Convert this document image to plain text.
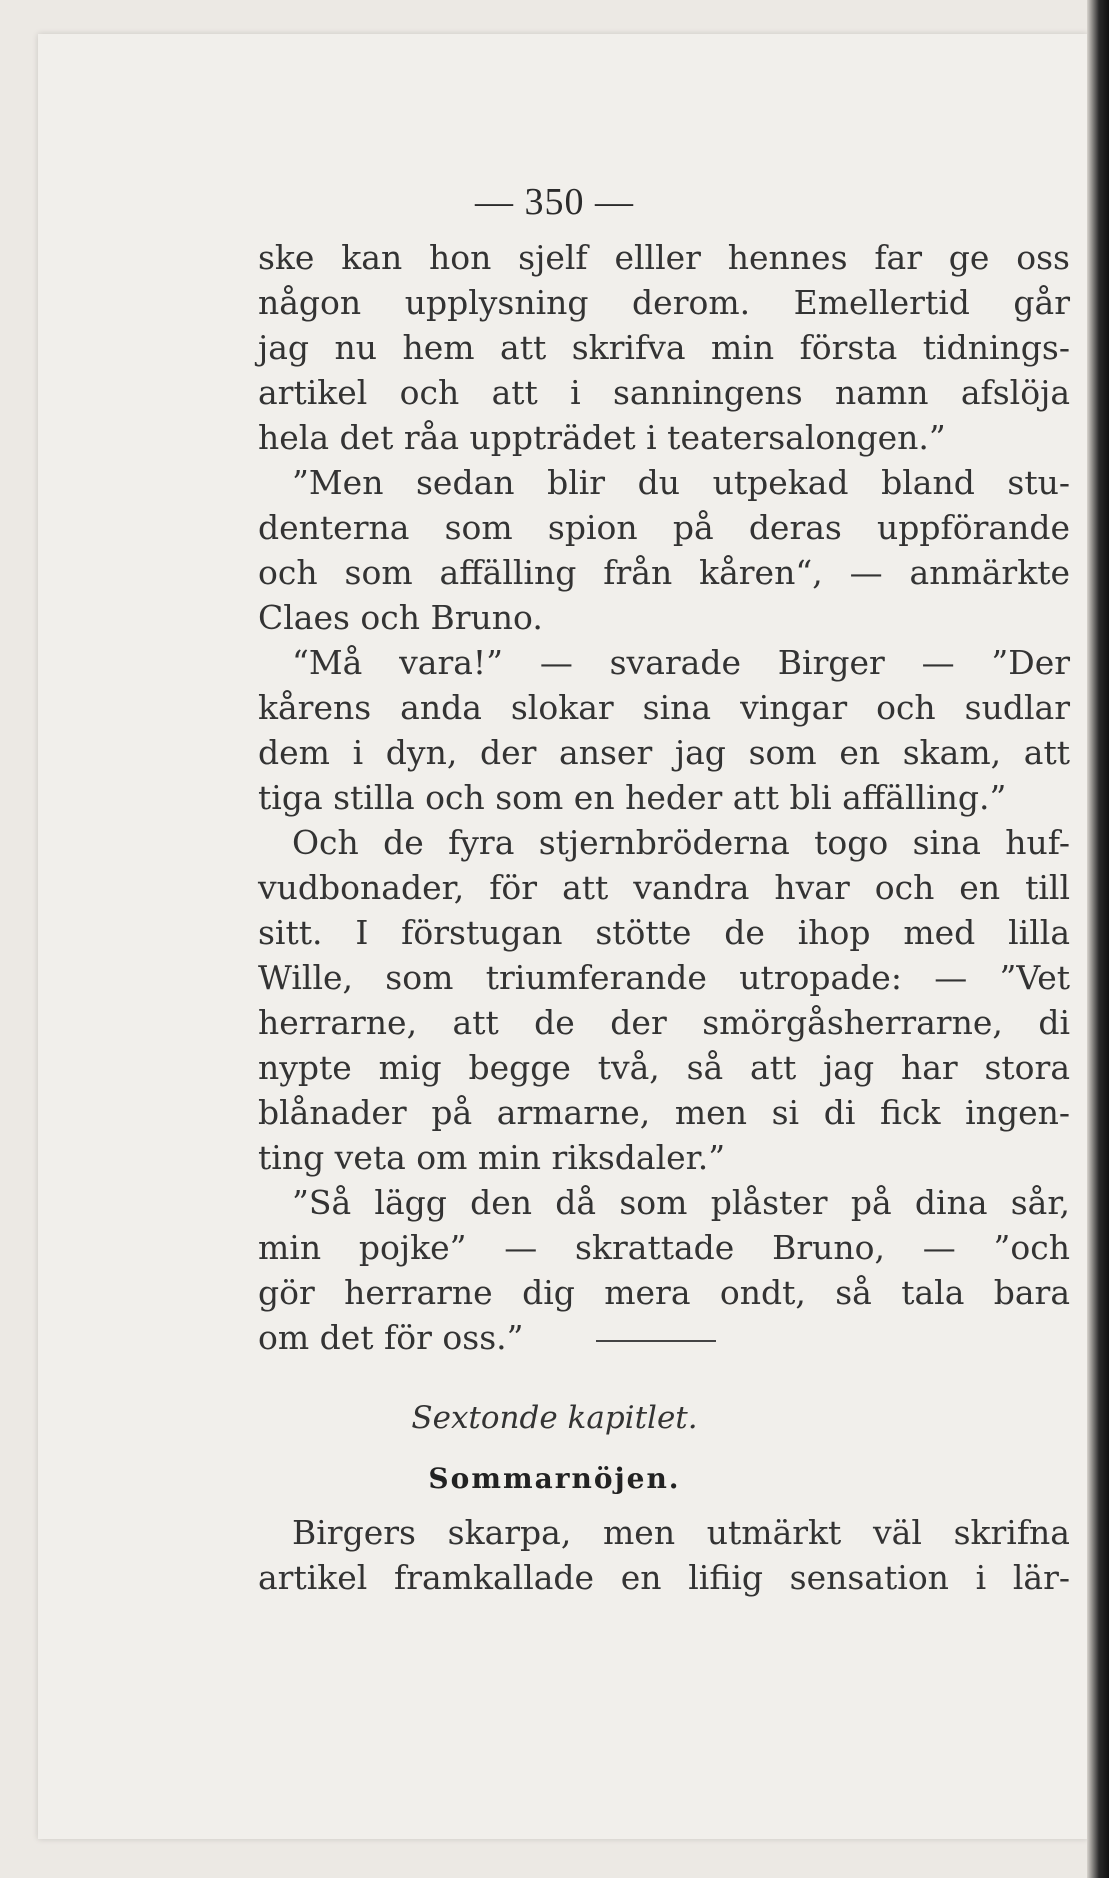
— 350 —
ske kan hon sjelf elller hennes far ge oss
någon upplysning derom. Emellertid går
jag nu hem att skrifva min första tidnings-
artikel och att i sanningens namn afslöja
hela det råa uppträdet i teatersalongen.”
”Men sedan blir du utpekad bland stu-
denterna som spion på deras uppförande
och som affälling från kåren“, — anmärkte
Claes och Bruno.
“Må vara!” — svarade Birger — ”Der
kårens anda slokar sina vingar och sudlar
dem i dyn, der anser jag som en skam, att
tiga stilla och som en heder att bli affälling.”
Och de fyra stjernbröderna togo sina huf-
vudbonader, för att vandra hvar och en till
sitt. I förstugan stötte de ihop med lilla
Wille, som triumferande utropade: — ”Vet
herrarne, att de der smörgåsherrarne, di
nypte mig begge två, så att jag har stora
blånader på armarne, men si di fick ingen-
ting veta om min riksdaler.”
”Så lägg den då som plåster på dina sår,
min pojke” — skrattade Bruno, — ”och
gör herrarne dig mera ondt, så tala bara
om det för oss.”
Sextonde kapitlet.
Sommarnöjen.
Birgers skarpa, men utmärkt väl skrifna
artikel framkallade en lifiig sensation i lär-
